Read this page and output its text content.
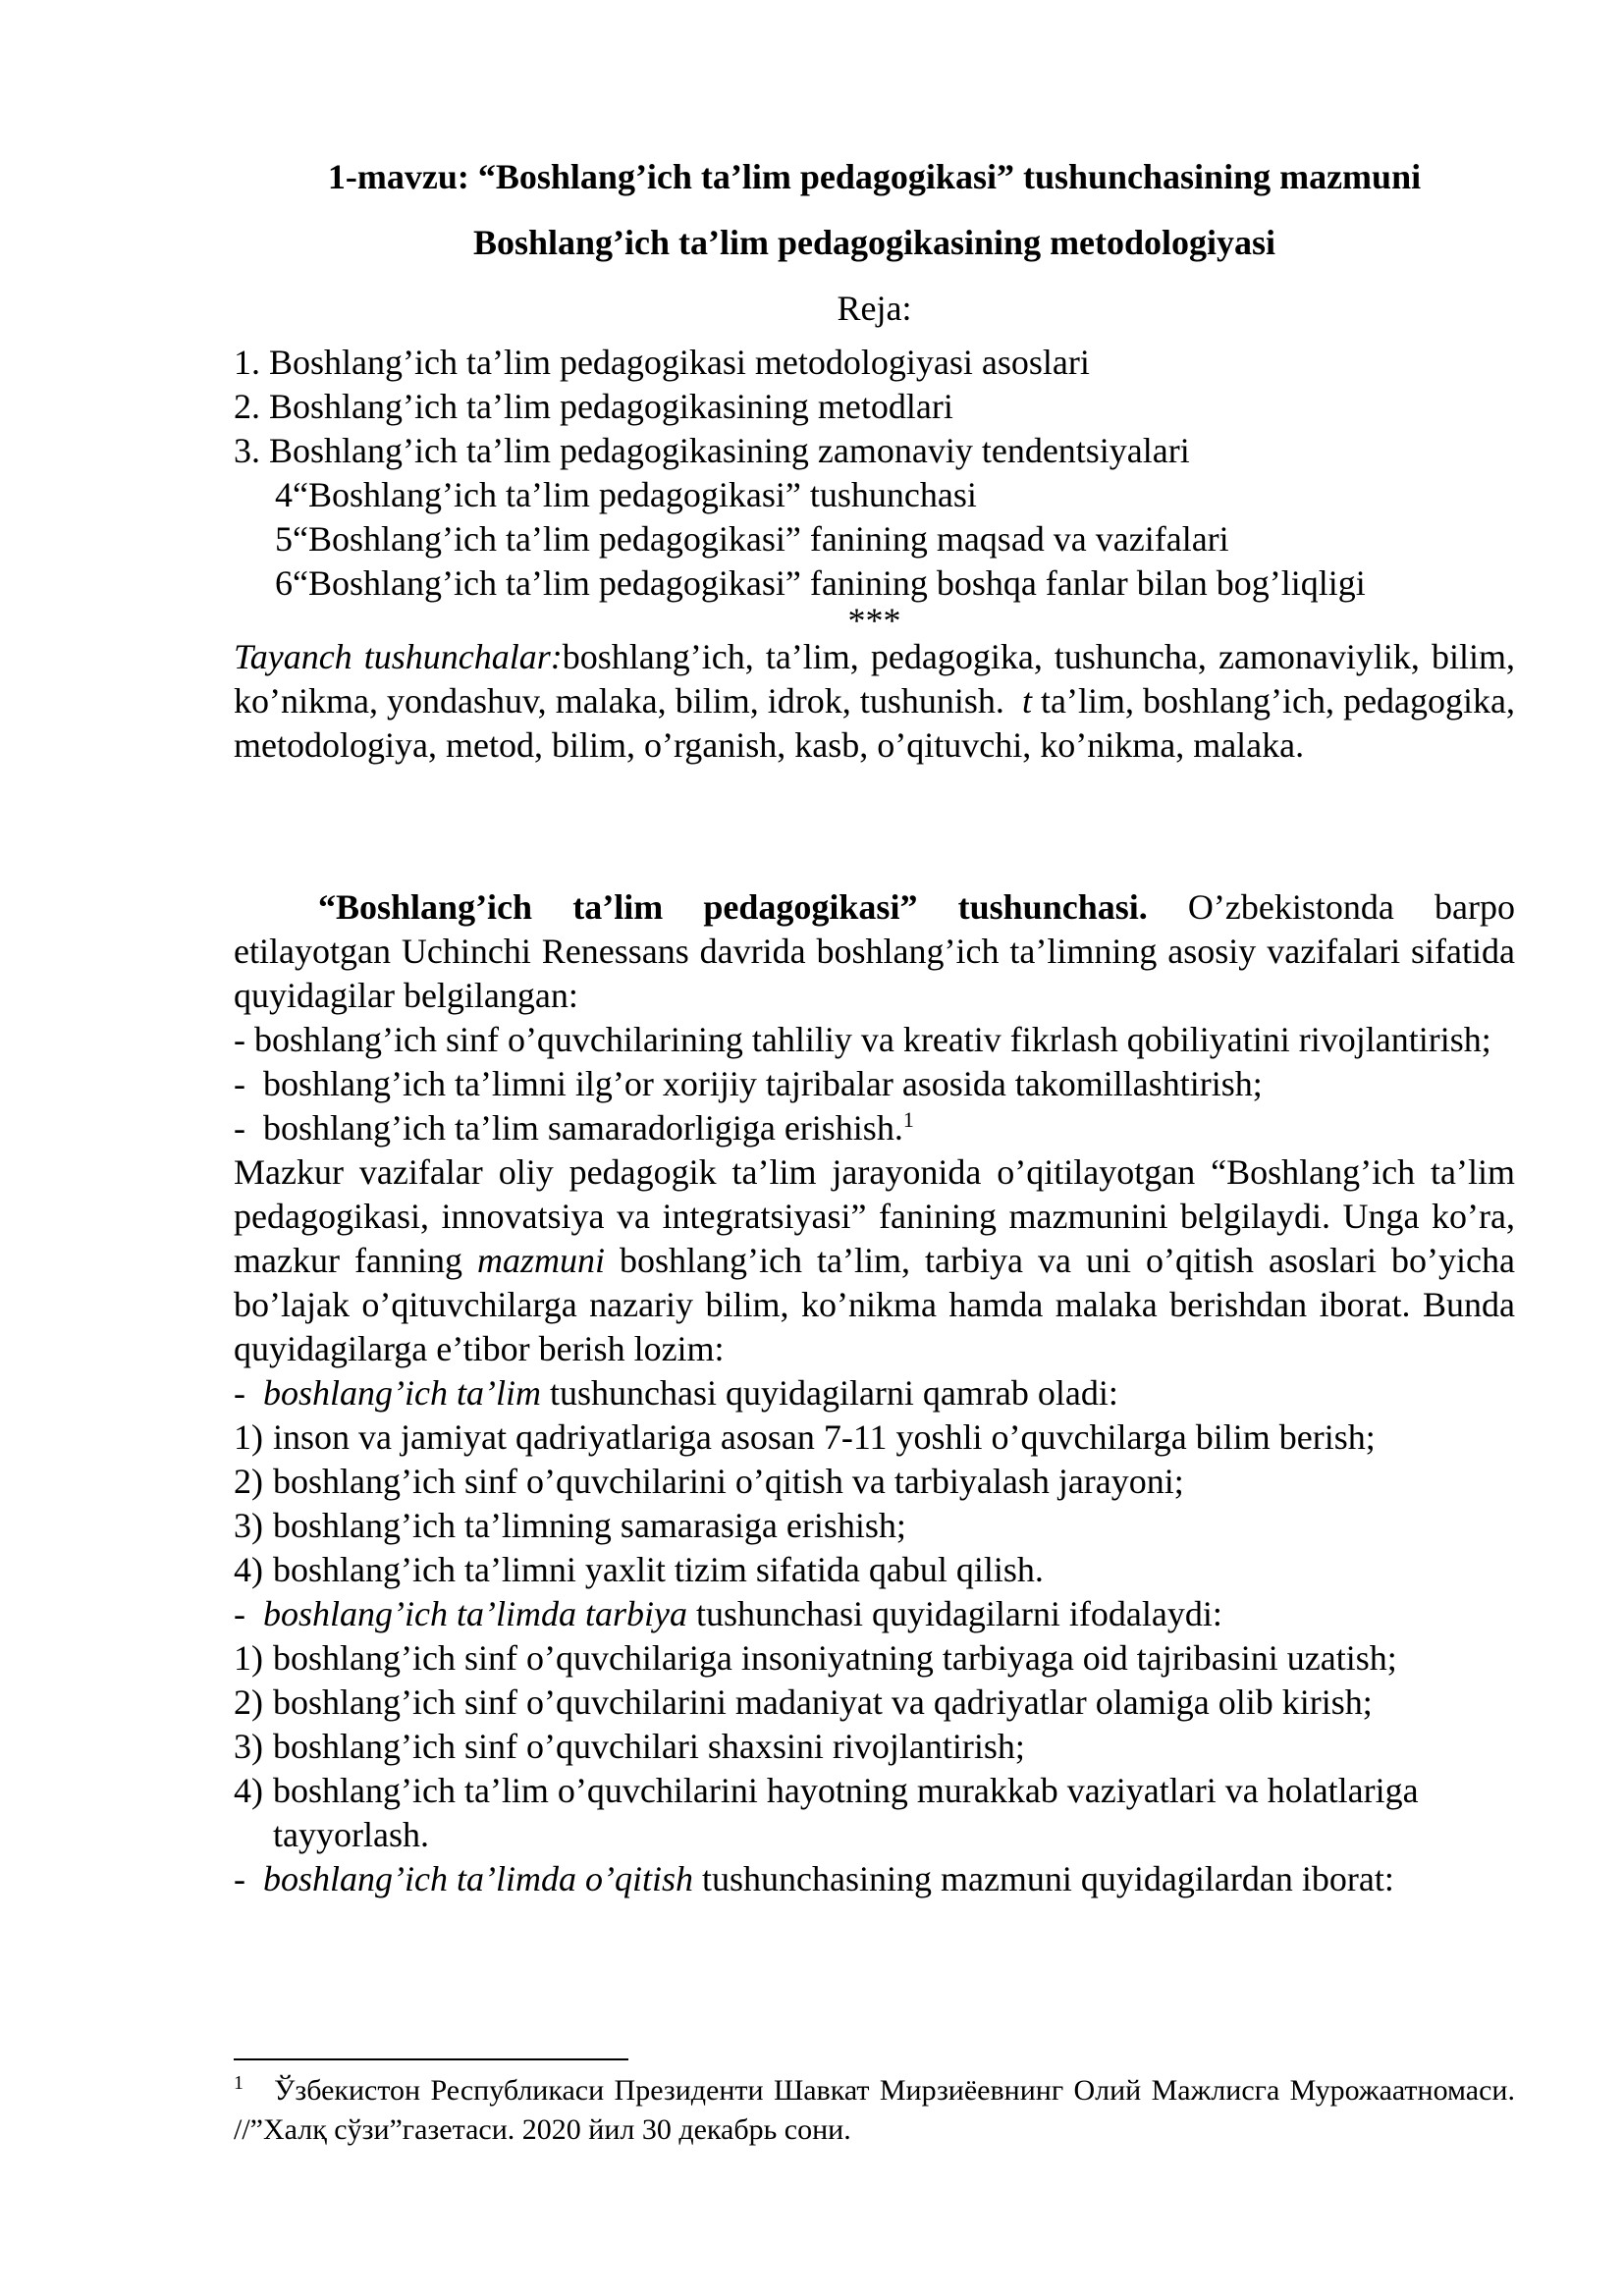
1-mavzu: “Boshlang’ich ta’lim pedagogikasi” tushunchasining mazmuni
Boshlang’ich ta’lim pedagogikasining metodologiyasi
Reja:
1. Boshlang’ich ta’lim pedagogikasi metodologiyasi asoslari
2. Boshlang’ich ta’lim pedagogikasining metodlari
3. Boshlang’ich ta’lim pedagogikasining zamonaviy tendentsiyalari
4“Boshlang’ich ta’lim pedagogikasi” tushunchasi
5“Boshlang’ich ta’lim pedagogikasi” fanining maqsad va vazifalari
6“Boshlang’ich ta’lim pedagogikasi” fanining boshqa fanlar bilan bog’liqligi
***
Tayanch tushunchalar:boshlang’ich, ta’lim, pedagogika, tushuncha, zamonaviylik, bilim, ko’nikma, yondashuv, malaka, bilim, idrok, tushunish. t ta’lim, boshlang’ich, pedagogika, metodologiya, metod, bilim, o’rganish, kasb, o’qituvchi, ko’nikma, malaka.
“Boshlang’ich ta’lim pedagogikasi” tushunchasi. O’zbekistonda barpo etilayotgan Uchinchi Renessans davrida boshlang’ich ta’limning asosiy vazifalari sifatida quyidagilar belgilangan:
- boshlang’ich sinf o’quvchilarining tahliliy va kreativ fikrlash qobiliyatini rivojlantirish;
-  boshlang’ich ta’limni ilg’or xorijiy tajribalar asosida takomillashtirish;
-  boshlang’ich ta’lim samaradorligiga erishish.$^1$
Mazkur vazifalar oliy pedagogik ta’lim jarayonida o’qitilayotgan “Boshlang’ich ta’lim pedagogikasi, innovatsiya va integratsiyasi” fanining mazmunini belgilaydi. Unga ko’ra, mazkur fanning mazmuni boshlang’ich ta’lim, tarbiya va uni o’qitish asoslari bo’yicha bo’lajak o’qituvchilarga nazariy bilim, ko’nikma hamda malaka berishdan iborat. Bunda quyidagilarga e’tibor berish lozim:
-  boshlang’ich ta’lim tushunchasi quyidagilarni qamrab oladi:
1) inson va jamiyat qadriyatlariga asosan 7-11 yoshli o’quvchilarga bilim berish;
2) boshlang’ich sinf o’quvchilarini o’qitish va tarbiyalash jarayoni;
3) boshlang’ich ta’limning samarasiga erishish;
4) boshlang’ich ta’limni yaxlit tizim sifatida qabul qilish.
-  boshlang’ich ta’limda tarbiya tushunchasi quyidagilarni ifodalaydi:
1) boshlang’ich sinf o’quvchilariga insoniyatning tarbiyaga oid tajribasini uzatish;
2) boshlang’ich sinf o’quvchilarini madaniyat va qadriyatlar olamiga olib kirish;
3) boshlang’ich sinf o’quvchilari shaxsini rivojlantirish;
4) boshlang’ich ta’lim o’quvchilarini hayotning murakkab vaziyatlari va holatlariga tayyorlash.
-  boshlang’ich ta’limda o’qitish tushunchasining mazmuni quyidagilardan iborat:
$^1$ Ўзбекистон Республикаси Президенти Шавкат Мирзиёевнинг Олий Мажлисга Мурожаатномаси. //”Халқ сўзи”газетаси. 2020 йил 30 декабрь сони.
